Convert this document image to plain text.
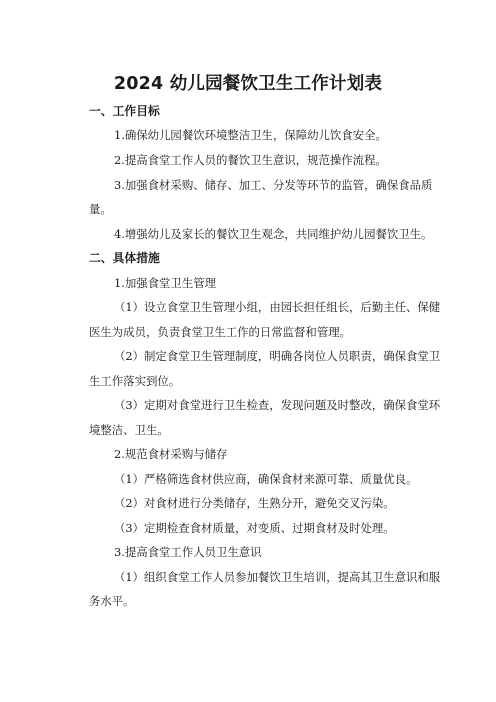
2024 幼儿园餐饮卫生工作计划表

一、工作目标

1.确保幼儿园餐饮环境整洁卫生，保障幼儿饮食安全。

2.提高食堂工作人员的餐饮卫生意识，规范操作流程。

3.加强食材采购、储存、加工、分发等环节的监管，确保食品质

量。

4.增强幼儿及家长的餐饮卫生观念，共同维护幼儿园餐饮卫生。

二、具体措施

1.加强食堂卫生管理

（1）设立食堂卫生管理小组，由园长担任组长，后勤主任、保健

医生为成员，负责食堂卫生工作的日常监督和管理。

（2）制定食堂卫生管理制度，明确各岗位人员职责，确保食堂卫

生工作落实到位。

（3）定期对食堂进行卫生检查，发现问题及时整改，确保食堂环

境整洁、卫生。

2.规范食材采购与储存

（1）严格筛选食材供应商，确保食材来源可靠、质量优良。

（2）对食材进行分类储存，生熟分开，避免交叉污染。

（3）定期检查食材质量，对变质、过期食材及时处理。

3.提高食堂工作人员卫生意识

（1）组织食堂工作人员参加餐饮卫生培训，提高其卫生意识和服

务水平。
